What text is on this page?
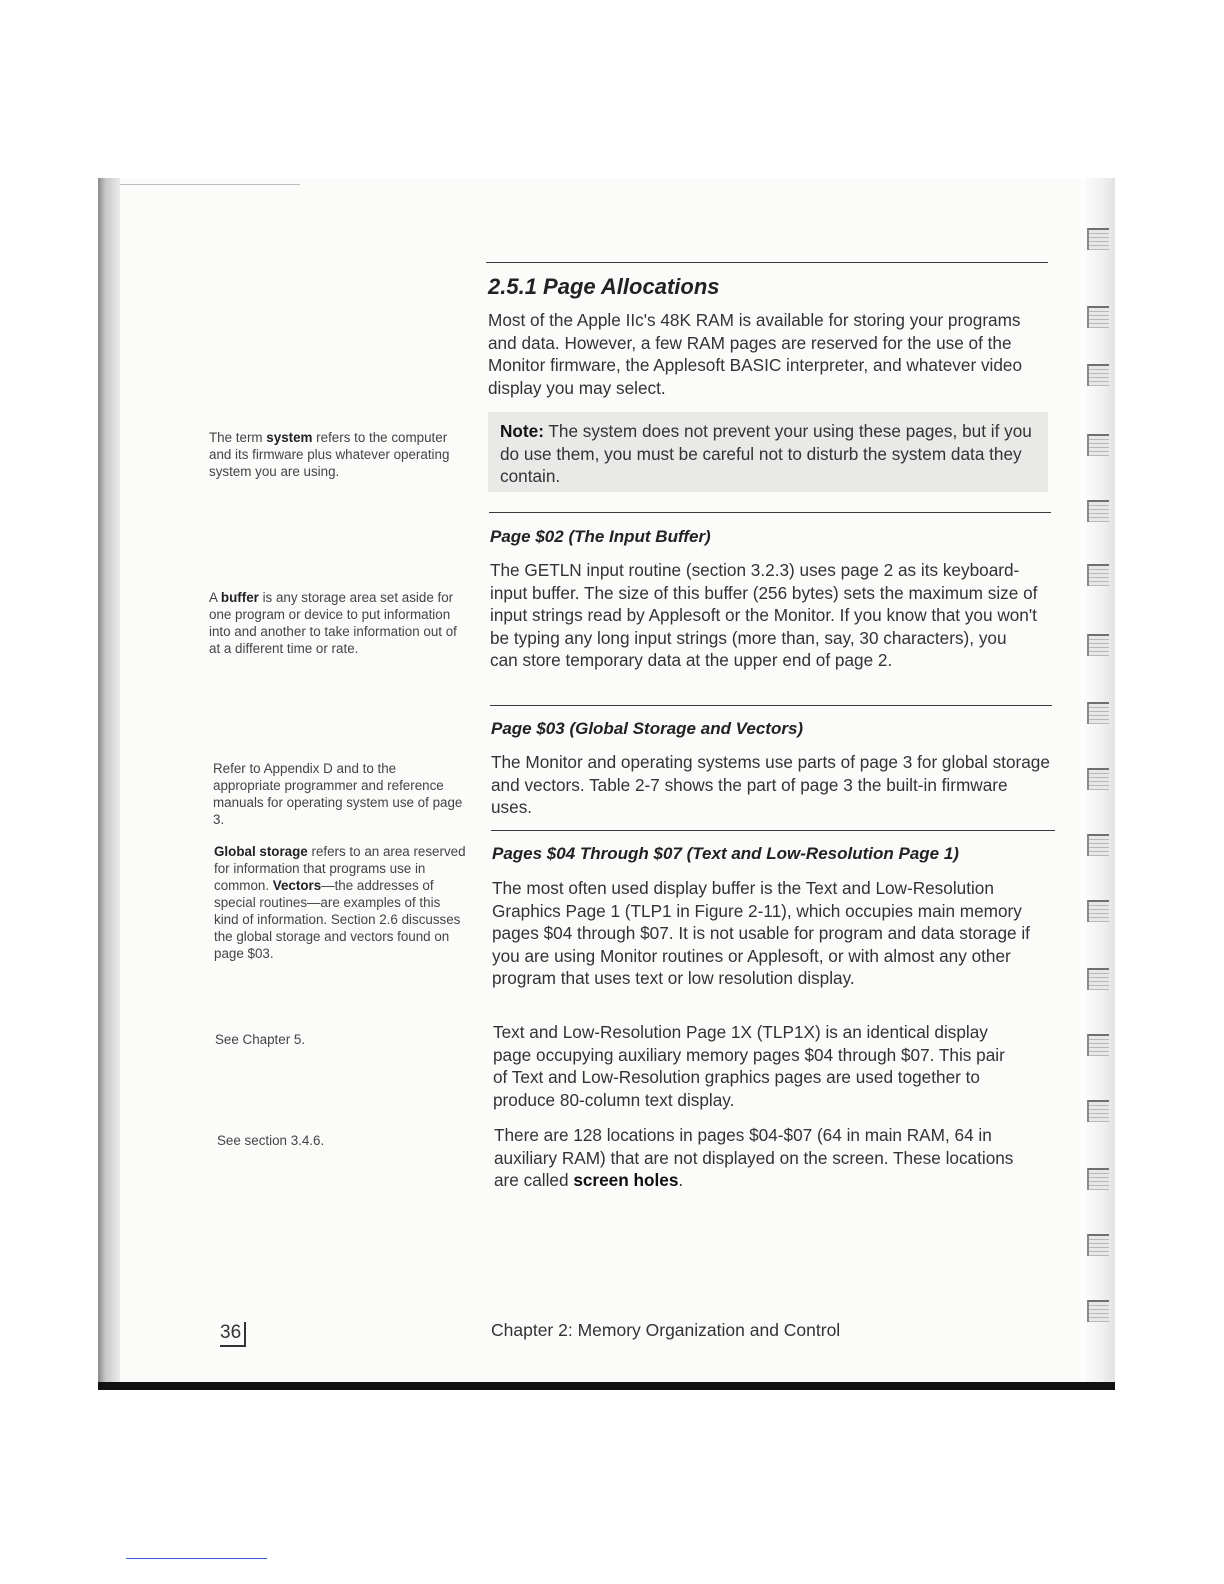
The term system refers to the computer and its firmware plus whatever operating system you are using.
A buffer is any storage area set aside for one program or device to put information into and another to take information out of at a different time or rate.
Refer to Appendix D and to the appropriate programmer and reference manuals for operating system use of page 3.
Global storage refers to an area reserved for information that programs use in common. Vectors—the addresses of special routines—are examples of this kind of information. Section 2.6 discusses the global storage and vectors found on page $03.
See Chapter 5.
See section 3.4.6.
2.5.1 Page Allocations

Most of the Apple IIc's 48K RAM is available for storing your programs and data. However, a few RAM pages are reserved for the use of the Monitor firmware, the Applesoft BASIC interpreter, and whatever video display you may select.

Note: The system does not prevent your using these pages, but if you do use them, you must be careful not to disturb the system data they contain.
Page $02 (The Input Buffer)

The GETLN input routine (section 3.2.3) uses page 2 as its keyboard-input buffer. The size of this buffer (256 bytes) sets the maximum size of input strings read by Applesoft or the Monitor. If you know that you won't be typing any long input strings (more than, say, 30 characters), you can store temporary data at the upper end of page 2.

Page $03 (Global Storage and Vectors)

The Monitor and operating systems use parts of page 3 for global storage and vectors. Table 2-7 shows the part of page 3 the built-in firmware uses.

Pages $04 Through $07 (Text and Low-Resolution Page 1)

The most often used display buffer is the Text and Low-Resolution Graphics Page 1 (TLP1 in Figure 2-11), which occupies main memory pages $04 through $07. It is not usable for program and data storage if you are using Monitor routines or Applesoft, or with almost any other program that uses text or low resolution display.

Text and Low-Resolution Page 1X (TLP1X) is an identical display page occupying auxiliary memory pages $04 through $07. This pair of Text and Low-Resolution graphics pages are used together to produce 80-column text display.

There are 128 locations in pages $04-$07 (64 in main RAM, 64 in auxiliary RAM) that are not displayed on the screen. These locations are called screen holes.

36	Chapter 2: Memory Organization and Control
